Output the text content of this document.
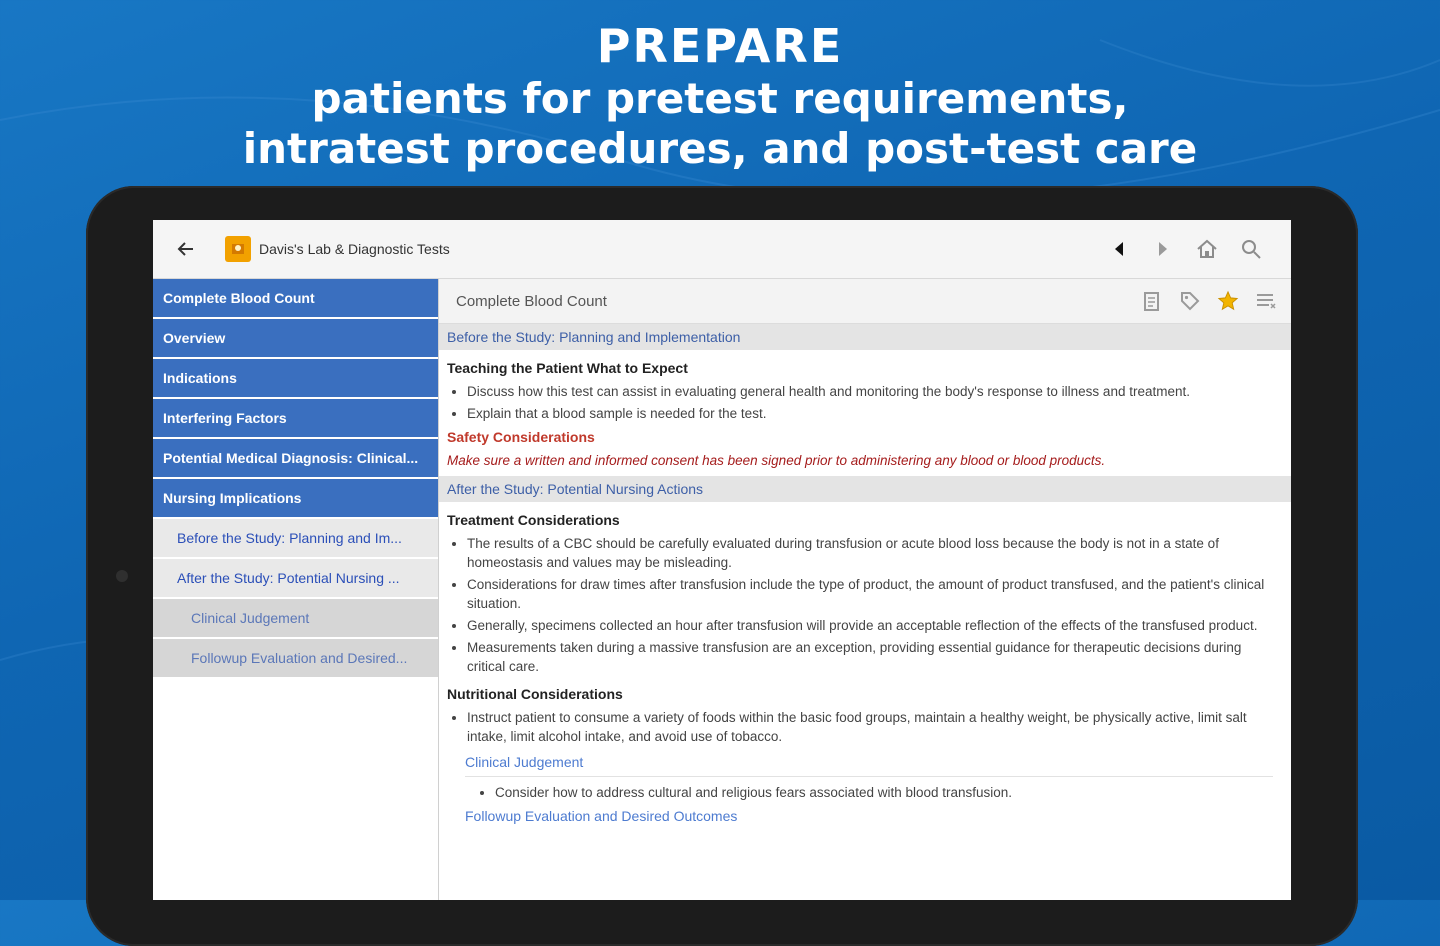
PREPARE
patients for pretest requirements,
intratest procedures, and post-test care
Davis's Lab & Diagnostic Tests
Complete Blood Count
Overview
Indications
Interfering Factors
Potential Medical Diagnosis: Clinical...
Nursing Implications
Before the Study: Planning and Im...
After the Study: Potential Nursing ...
Clinical Judgement
Followup Evaluation and Desired...
Complete Blood Count
Before the Study: Planning and Implementation
Teaching the Patient What to Expect
• Discuss how this test can assist in evaluating general health and monitoring the body's response to illness and treatment.
• Explain that a blood sample is needed for the test.
Safety Considerations
Make sure a written and informed consent has been signed prior to administering any blood or blood products.
After the Study: Potential Nursing Actions
Treatment Considerations
• The results of a CBC should be carefully evaluated during transfusion or acute blood loss because the body is not in a state of homeostasis and values may be misleading.
• Considerations for draw times after transfusion include the type of product, the amount of product transfused, and the patient's clinical situation.
• Generally, specimens collected an hour after transfusion will provide an acceptable reflection of the effects of the transfused product.
• Measurements taken during a massive transfusion are an exception, providing essential guidance for therapeutic decisions during critical care.
Nutritional Considerations
• Instruct patient to consume a variety of foods within the basic food groups, maintain a healthy weight, be physically active, limit salt intake, limit alcohol intake, and avoid use of tobacco.
Clinical Judgement
• Consider how to address cultural and religious fears associated with blood transfusion.
Followup Evaluation and Desired Outcomes
